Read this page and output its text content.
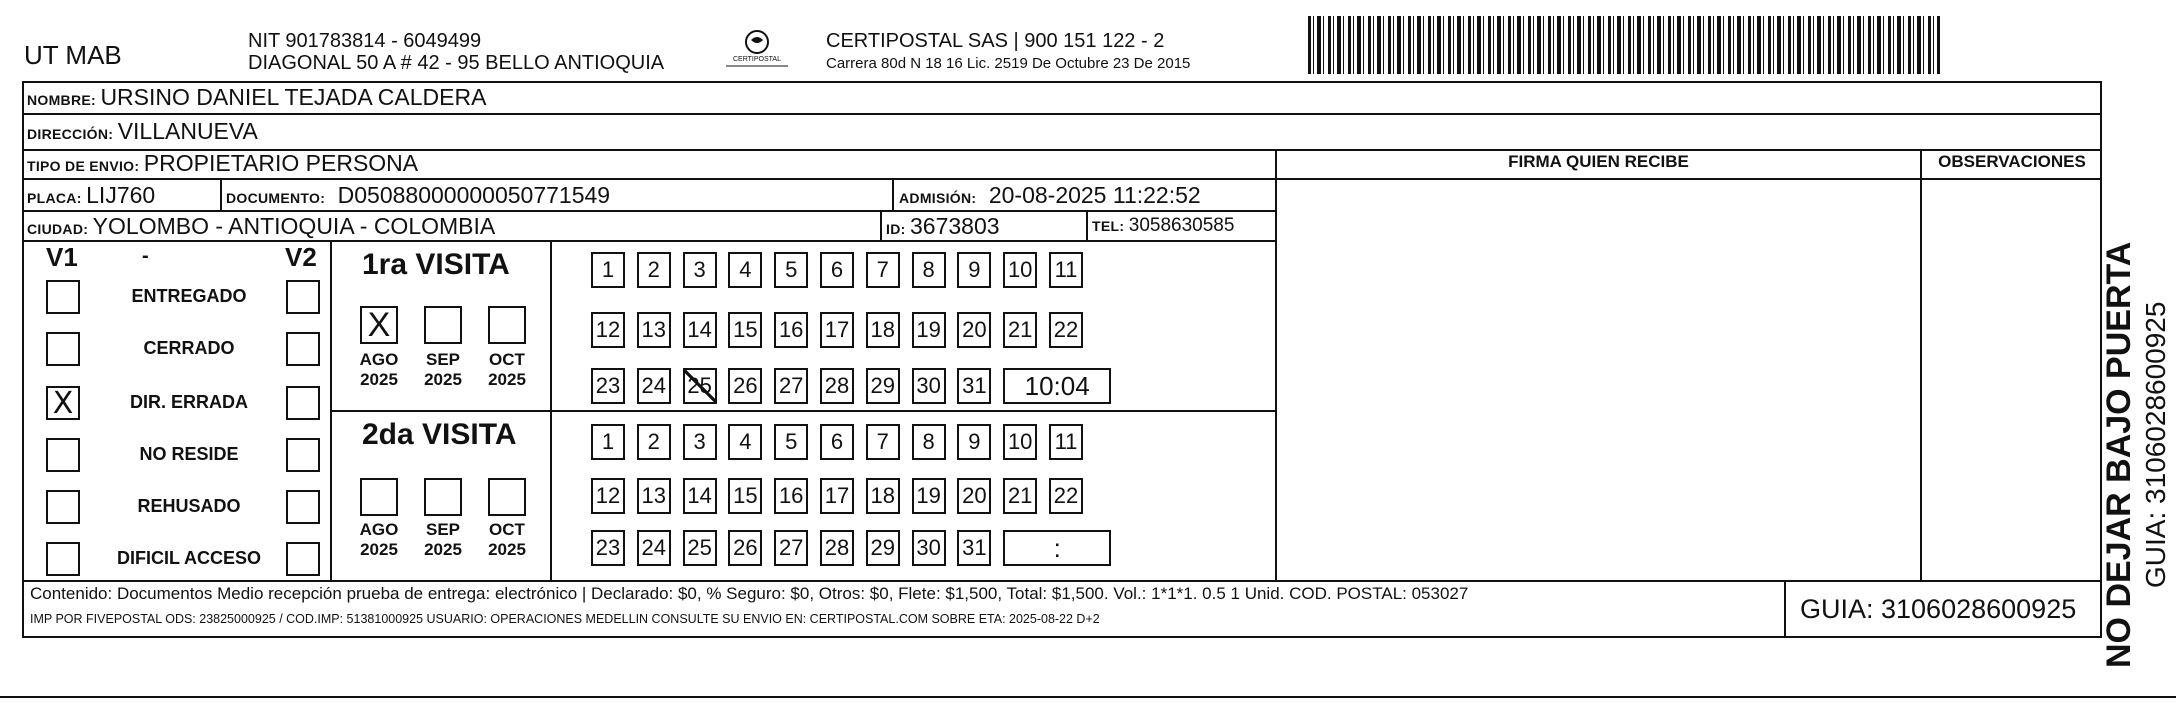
UT MAB	NIT 901783814 - 6049499
DIAGONAL 50 A # 42 - 95 BELLO ANTIOQUIA	CERTIPOSTAL
CERTIPOSTAL SAS | 900 151 122 - 2
Carrera 80d N 18 16 Lic. 2519 De Octubre 23 De 2015
NOMBRE: URSINO DANIEL TEJADA CALDERA
DIRECCIÓN: VILLANUEVA
TIPO DE ENVIO: PROPIETARIO PERSONA
PLACA: LIJ760	DOCUMENTO: D05088000000050771549	ADMISIÓN: 20-08-2025 11:22:52
CIUDAD: YOLOMBO - ANTIOQUIA - COLOMBIA	ID: 3673803	TEL: 3058630585
FIRMA QUIEN RECIBE	OBSERVACIONES
NO DEJAR BAJO PUERTA GUIA: 3106028600925
V1	-	V2
ENTREGADO
CERRADO
X	DIR. ERRADA
NO RESIDE
REHUSADO
DIFICIL ACCESO
1ra VISITA
X
AGO
2025
SEP
2025
OCT
2025
1	2	3	4	5	6	7	8	9	10 11
12 13 14 15 16 17 18 19 20 21 22
23 24 25 26 27 28 29 30 31	10:04
2da VISITA
AGO
2025
SEP
2025
OCT
2025
1	2	3	4	5	6	7	8	9	10 11
12 13 14 15 16 17 18 19 20 21 22
23 24 25 26 27 28 29 30 31	:
Contenido: Documentos Medio recepción prueba de entrega: electrónico | Declarado: $0, % Seguro: $0, Otros: $0, Flete: $1,500, Total: $1,500. Vol.: 1*1*1. 0.5 1 Unid. COD. POSTAL: 053027
IMP POR FIVEPOSTAL ODS: 23825000925 / COD.IMP: 51381000925 USUARIO: OPERACIONES MEDELLIN CONSULTE SU ENVIO EN: CERTIPOSTAL.COM SOBRE ETA: 2025-08-22 D+2	GUIA: 3106028600925
